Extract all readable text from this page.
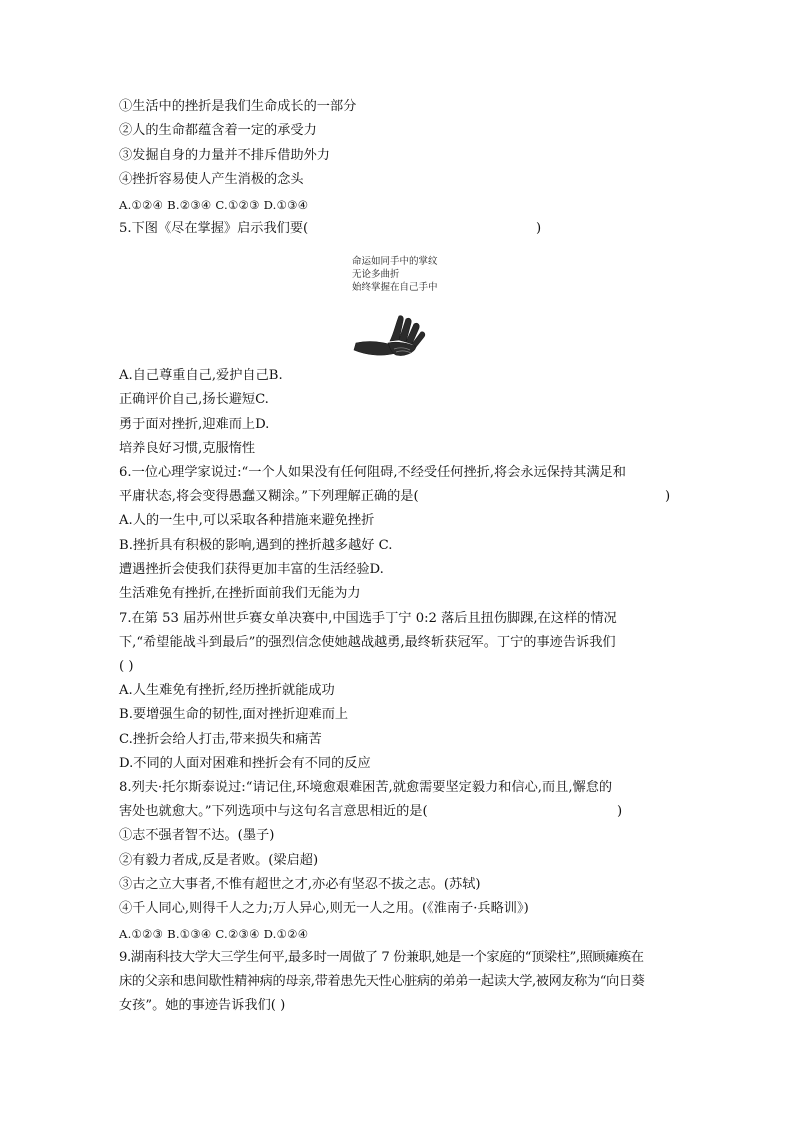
①生活中的挫折是我们生命成长的一部分
②人的生命都蕴含着一定的承受力
③发掘自身的力量并不排斥借助外力
④挫折容易使人产生消极的念头
A.①②④ B.②③④ C.①②③ D.①③④
5.下图《尽在掌握》启示我们要(	)
命运如同手中的掌纹
无论多曲折
始终掌握在自己手中
A.自己尊重自己,爱护自己B.
正确评价自己,扬长避短C.
勇于面对挫折,迎难而上D.
培养良好习惯,克服惰性
6.一位心理学家说过:“一个人如果没有任何阻碍,不经受任何挫折,将会永远保持其满足和
平庸状态,将会变得愚蠢又糊涂。”下列理解正确的是(	)
A.人的一生中,可以采取各种措施来避免挫折
B.挫折具有积极的影响,遇到的挫折越多越好 C.
遭遇挫折会使我们获得更加丰富的生活经验D.
生活难免有挫折,在挫折面前我们无能为力
7.在第 53 届苏州世乒赛女单决赛中,中国选手丁宁 0:2 落后且扭伤脚踝,在这样的情况
下,“希望能战斗到最后”的强烈信念使她越战越勇,最终斩获冠军。丁宁的事迹告诉我们
( )
A.人生难免有挫折,经历挫折就能成功
B.要增强生命的韧性,面对挫折迎难而上
C.挫折会给人打击,带来损失和痛苦
D.不同的人面对困难和挫折会有不同的反应
8.列夫·托尔斯泰说过:“请记住,环境愈艰难困苦,就愈需要坚定毅力和信心,而且,懈怠的
害处也就愈大。”下列选项中与这句名言意思相近的是(	)
①志不强者智不达。(墨子)
②有毅力者成,反是者败。(梁启超)
③古之立大事者,不惟有超世之才,亦必有坚忍不拔之志。(苏轼)
④千人同心,则得千人之力;万人异心,则无一人之用。(《淮南子·兵略训》)
A.①②③ B.①③④ C.②③④ D.①②④
9.湖南科技大学大三学生何平,最多时一周做了 7 份兼职,她是一个家庭的“顶梁柱”,照顾瘫痪在
床的父亲和患间歇性精神病的母亲,带着患先天性心脏病的弟弟一起读大学,被网友称为“向日葵
女孩”。她的事迹告诉我们( )
